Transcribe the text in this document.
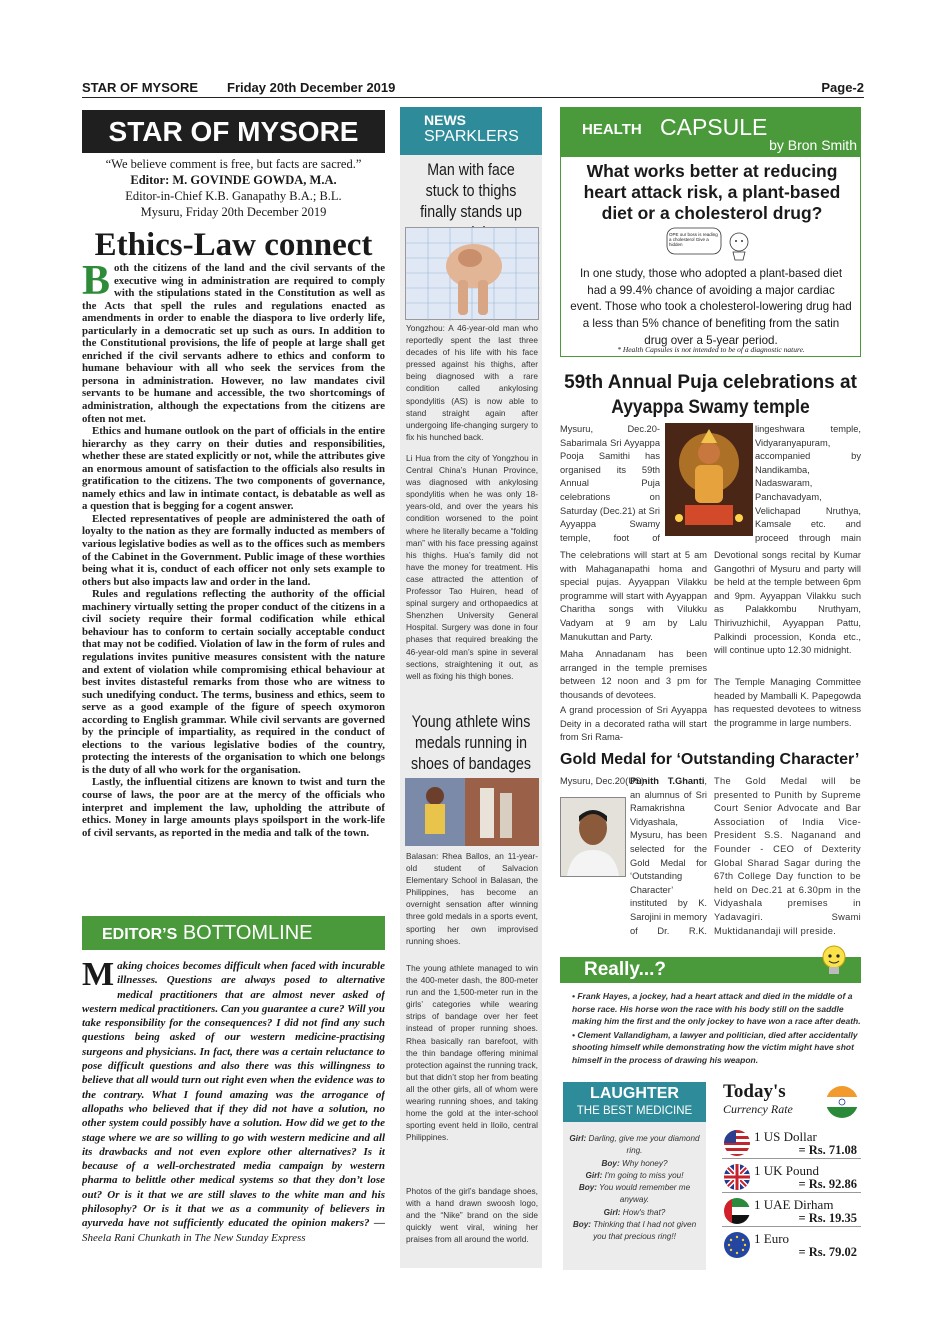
STAR OF MYSORE Friday 20th December 2019	Page-2
STAR OF MYSORE
“We believe comment is free, but facts are sacred.”
Editor: M. GOVINDE GOWDA, M.A.
Editor-in-Chief K.B. Ganapathy B.A.; B.L.
Mysuru, Friday 20th December 2019
Ethics-Law connect

Both the citizens of the land and the civil servants of the executive wing in administration are required to comply with the stipulations stated in the Constitution as well as the Acts that spell the rules and regulations enacted as amendments in order to enable the diaspora to live orderly life, particularly in a democratic set up such as ours. In addition to the Constitutional provisions, the life of people at large shall get enriched if the civil servants adhere to ethics and conform to humane behaviour with all who seek the services from the persona in administration. However, no law mandates civil servants to be humane and accessible, the two shortcomings of administration, although the expectations from the citizens are often not met.

Ethics and humane outlook on the part of officials in the entire hierarchy as they carry on their duties and responsibilities, whether these are stated explicitly or not, while the attributes give an enormous amount of satisfaction to the officials also results in gratification to the citizens. The two components of governance, namely ethics and law in intimate contact, is debatable as well as a question that is begging for a cogent answer.

Elected representatives of people are administered the oath of loyalty to the nation as they are formally inducted as members of various legislative bodies as well as to the offices such as members of the Cabinet in the Government. Public image of these worthies being what it is, conduct of each officer not only sets example to others but also impacts law and order in the land.

Rules and regulations reflecting the authority of the official machinery virtually setting the proper conduct of the citizens in a civil society require their formal codification while ethical behaviour has to conform to certain socially acceptable conduct that may not be codified. Violation of law in the form of rules and regulations invites punitive measures consistent with the nature and extent of violation while compromising ethical behaviour at best invites distasteful remarks from those who are witness to such unedifying conduct. The terms, business and ethics, seem to serve as a good example of the figure of speech oxymoron according to English grammar. While civil servants are governed by the principle of impartiality, as required in the conduct of elections to the various legislative bodies of the country, protecting the interests of the organisation to which one belongs is the duty of all who work for the organisation.

Lastly, the influential citizens are known to twist and turn the course of laws, the poor are at the mercy of the officials who interpret and implement the law, upholding the attribute of ethics. Money in large amounts plays spoilsport in the work-life of civil servants, as reported in the media and talk of the town.

EDITOR’S BOTTOMLINE
Making choices becomes difficult when faced with incurable illnesses. Questions are always posed to alternative medical practitioners that are almost never asked of western medical practitioners. Can you guarantee a cure? Will you take responsibility for the consequences? I did not find any such questions being asked of our western medicine-practising surgeons and physicians. In fact, there was a certain reluctance to pose difficult questions and also there was this willingness to believe that all would turn out right even when the evidence was to the contrary. What I found amazing was the arrogance of allopaths who believed that if they did not have a solution, no other system could possibly have a solution. How did we get to the stage where we are so willing to go with western medicine and all its drawbacks and not even explore other alternatives? Is it because of a well-orchestrated media campaign by western pharma to belittle other medical systems so that they don’t lose out? Or is it that we are still slaves to the white man and his philosophy? Or is it that we as a community of believers in ayurveda have not sufficiently educated the opinion makers? — Sheela Rani Chunkath in The New Sunday Express
NEWS
SPARKLERS
Man with face stuck to thighs finally stands up
Yongzhou: A 46-year-old man who reportedly spent the last three decades of his life with his face pressed against his thighs, after being diagnosed with a rare condition called ankylosing spondylitis (AS) is now able to stand straight again after undergoing life-changing surgery to fix his hunched back.
Li Hua from the city of Yongzhou in Central China’s Hunan Province, was diagnosed with ankylosing spondylitis when he was only 18-years-old, and over the years his condition worsened to the point where he literally became a “folding man” with his face pressing against his thighs. Hua’s family did not have the money for treatment. His case attracted the attention of Professor Tao Huiren, head of spinal surgery and orthopaedics at Shenzhen University General Hospital. Surgery was done in four phases that required breaking the 46-year-old man’s spine in several sections, straightening it out, as well as fixing his thigh bones.
Young athlete wins medals running in shoes of bandages
Balasan: Rhea Ballos, an 11-year-old student of Salvacion Elementary School in Balasan, the Philippines, has become an overnight sensation after winning three gold medals in a sports event, sporting her own improvised running shoes.
The young athlete managed to win the 400-meter dash, the 800-meter run and the 1,500-meter run in the girls’ categories while wearing strips of bandage over her feet instead of proper running shoes. Rhea basically ran barefoot, with the thin bandage offering minimal protection against the running track, but that didn’t stop her from beating all the other girls, all of whom were wearing running shoes, and taking home the gold at the inter-school sporting event held in Iloilo, central Philippines.
Photos of the girl’s bandage shoes, with a hand drawn swoosh logo, and the “Nike” brand on the side quickly went viral, wining her praises from all around the world.
HEALTH CAPSULE
by Bron Smith
What works better at reducing heart attack risk, a plant-based diet or a cholesterol drug?
OPE our boss is reading a cholesterol Give a hidden
In one study, those who adopted a plant-based diet had a 99.4% chance of avoiding a major cardiac event. Those who took a cholesterol-lowering drug had a less than 5% chance of benefiting from the satin drug over a 5-year period.
* Health Capsules is not intended to be of a diagnostic nature.
59th Annual Puja celebrations at
Ayyappa Swamy temple
Mysuru, Dec.20- Sabarimala Sri Ayyappa Pooja Samithi has organised its 59th Annual Puja celebrations on Saturday (Dec.21) at Sri Ayyappa Swamy temple, foot of
The celebrations will start at 5 am with Mahaganapathi homa and special pujas. Ayyappan Vilakku programme will start with Ayyappan Charitha songs with Vilukku Vadyam at 9 am by Lalu Manukuttan and Party.
Maha Annadanam has been arranged in the temple premises between 12 noon and 3 pm for thousands of devotees.
A grand procession of Sri Ayyappa Deity in a decorated ratha will start from Sri Rama-
lingeshwara temple, Vidyaranyapuram, accompanied by Nandikamba, Nadaswaram, Panchavadyam, Velichapad Nruthya, Kamsale etc. and proceed through main
Devotional songs recital by Kumar Gangothri of Mysuru and party will be held at the temple between 6pm and 9pm. Ayyappan Vilakku such as Palakkombu Nruthyam, Thirivuzhichil, Ayyappan Pattu, Palkindi procession, Konda etc., will continue upto 12.30 midnight.
The Temple Managing Committee headed by Mamballi K. Papegowda has requested devotees to witness the programme in large numbers.
Gold Medal for ‘Outstanding Character’
Mysuru, Dec.20(US)-
Punith T.Ghanti, an alumnus of Sri Ramakrishna Vidyashala, Mysuru, has been selected for the Gold Medal for ‘Outstanding Character’ instituted by K. Sarojini in memory of Dr. R.K.
The Gold Medal will be presented to Punith by Supreme Court Senior Advocate and Bar Association of India Vice-President S.S. Naganand and Founder - CEO of Dexterity Global Sharad Sagar during the 67th College Day function to be held on Dec.21 at 6.30pm in the Vidyashala premises in Yadavagiri. Swami Muktidanandaji will preside.
Really...?
• Frank Hayes, a jockey, had a heart attack and died in the middle of a horse race. His horse won the race with his body still on the saddle making him the first and the only jockey to have won a race after death.
• Clement Vallandigham, a lawyer and politician, died after accidentally shooting himself while demonstrating how the victim might have shot himself in the process of drawing his weapon.
LAUGHTER
THE BEST MEDICINE
Girl: Darling, give me your diamond ring.
Boy: Why honey?
Girl: I'm going to miss you!
Boy: You would remember me anyway.
Girl: How's that?
Boy: Thinking that I had not given you that precious ring!!
Today's
Currency Rate
1 US Dollar
= Rs. 71.08
1 UK Pound
= Rs. 92.86
1 UAE Dirham
= Rs. 19.35
1 Euro
= Rs. 79.02
